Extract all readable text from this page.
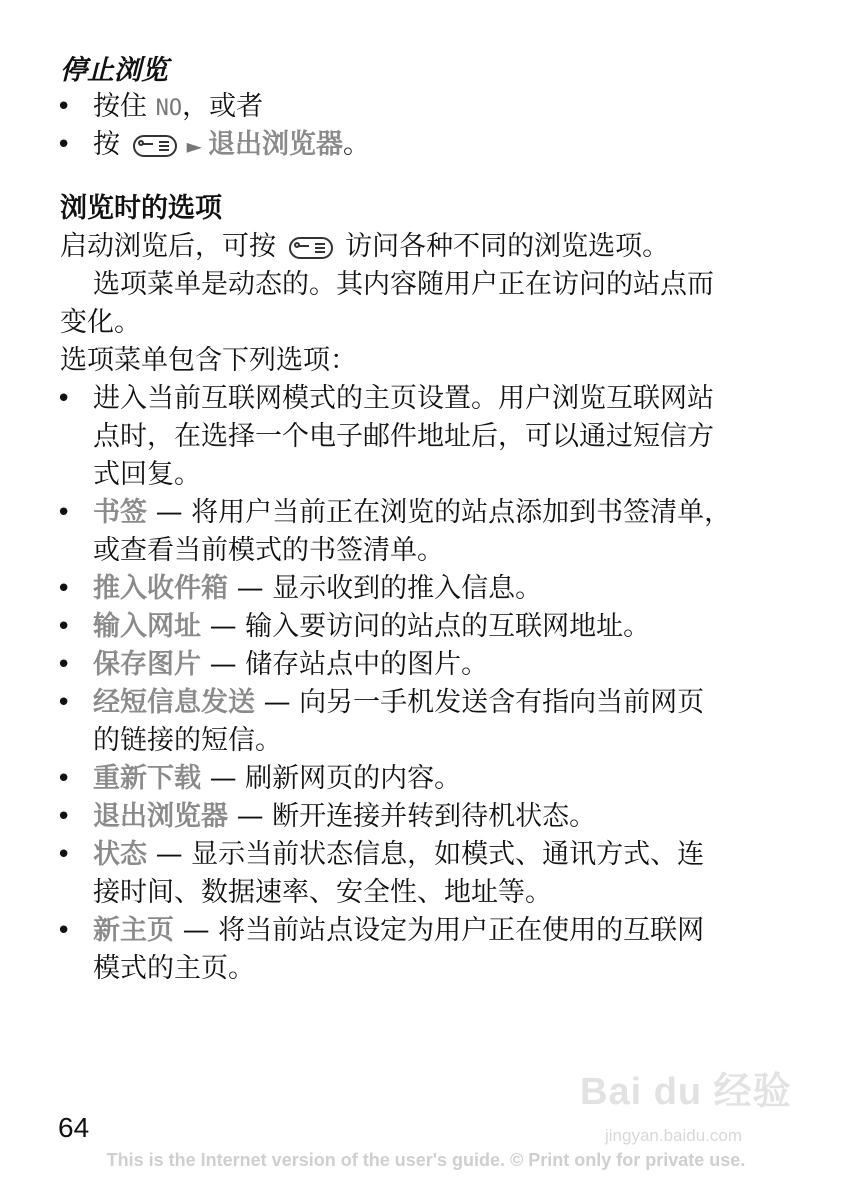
停止浏览
• 按住 NO，或者
• 按	► 退出浏览器。
浏览时的选项
启动浏览后，可按
访问各种不同的浏览选项。
选项菜单是动态的。其内容随用户正在访问的站点而
变化。
选项菜单包含下列选项：
• 进入当前互联网模式的主页设置。用户浏览互联网站
点时，在选择一个电子邮件地址后，可以通过短信方
式回复。
• 书签 — 将用户当前正在浏览的站点添加到书签清单，
或查看当前模式的书签清单。
• 推入收件箱 — 显示收到的推入信息。
• 输入网址 — 输入要访问的站点的互联网地址。
• 保存图片 — 储存站点中的图片。
• 经短信息发送 — 向另一手机发送含有指向当前网页
的链接的短信。
• 重新下载 — 刷新网页的内容。
• 退出浏览器 — 断开连接并转到待机状态。
• 状态 — 显示当前状态信息，如模式、通讯方式、连
接时间、数据速率、安全性、地址等。
• 新主页 — 将当前站点设定为用户正在使用的互联网
模式的主页。
Bai du 经验
jingyan.baidu.com
64
This is the Internet version of the user's guide. © Print only for private use.
